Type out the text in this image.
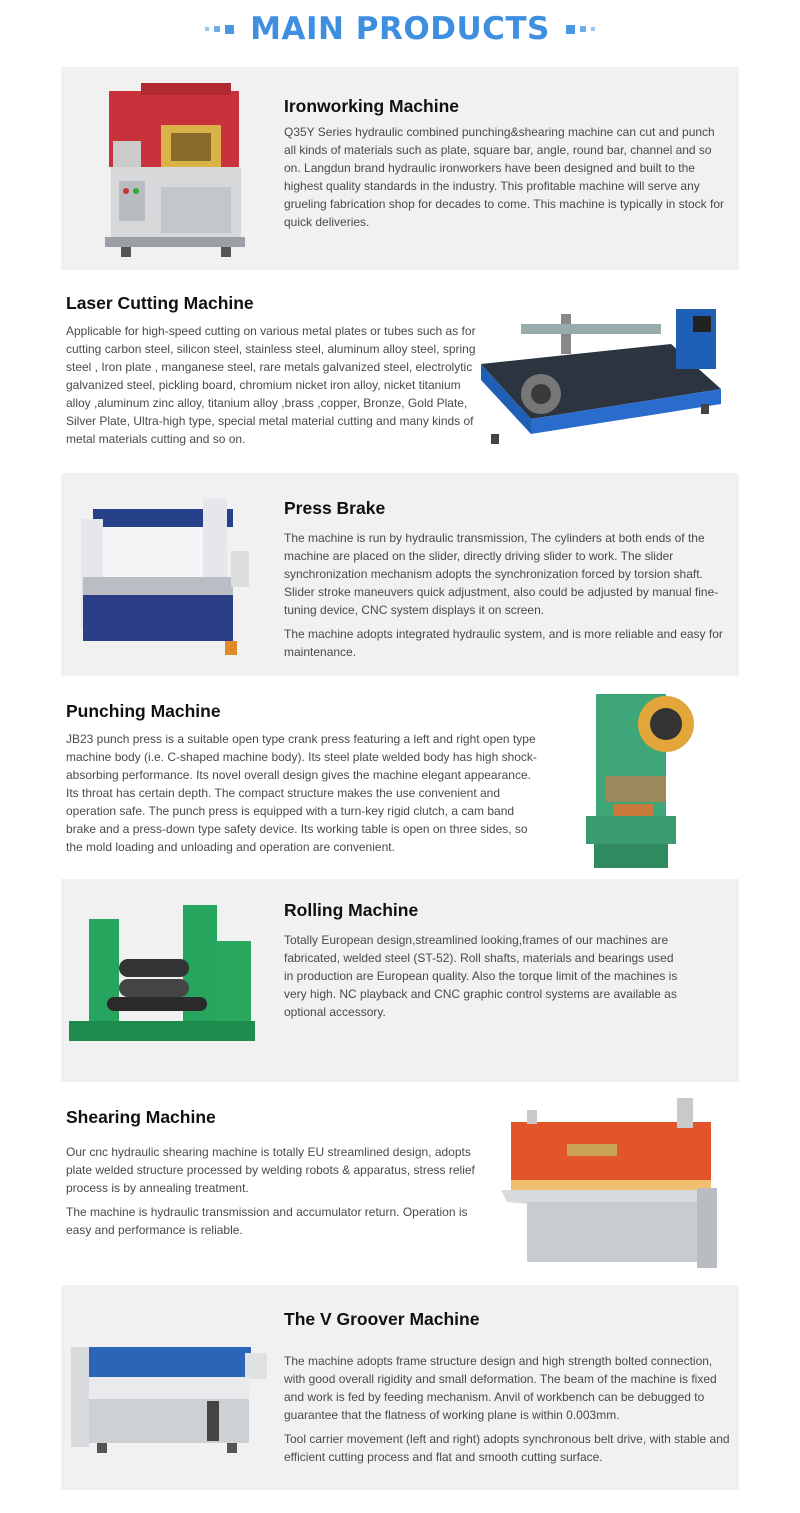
MAIN PRODUCTS
Ironworking Machine

Q35Y Series hydraulic combined punching&shearing machine can cut and punch all kinds of materials such as plate, square bar, angle, round bar, channel and so on. Langdun brand hydraulic ironworkers have been designed and built to the highest quality standards in the industry. This profitable machine will serve any grueling fabrication shop for decades to come. This machine is typically in stock for quick deliveries.

Laser Cutting Machine

Applicable for high-speed cutting on various metal plates or tubes such as for cutting carbon steel, silicon steel, stainless steel, aluminum alloy steel, spring steel , Iron plate , manganese steel, rare metals galvanized steel, electrolytic galvanized steel, pickling board, chromium nicket iron alloy, nicket titanium alloy ,aluminum zinc alloy, titanium alloy ,brass ,copper, Bronze, Gold Plate, Silver Plate, Ultra-high type, special metal material cutting and many kinds of metal materials cutting and so on.

Press Brake

The machine is run by hydraulic transmission, The cylinders at both ends of the machine are placed on the slider, directly driving slider to work. The slider synchronization mechanism adopts the synchronization forced by torsion shaft. Slider stroke maneuvers quick adjustment, also could be adjusted by manual fine-tuning device, CNC system displays it on screen.

The machine adopts integrated hydraulic system, and is more reliable and easy for maintenance.

Punching Machine

JB23 punch press is a suitable open type crank press featuring a left and right open type machine body (i.e. C-shaped machine body). Its steel plate welded body has high shock-absorbing performance. Its novel overall design gives the machine elegant appearance. Its throat has certain depth. The compact structure makes the use convenient and operation safe. The punch press is equipped with a turn-key rigid clutch, a cam band brake and a press-down type safety device. Its working table is open on three sides, so the mold loading and unloading and operation are convenient.

Rolling Machine

Totally European design,streamlined looking,frames of our machines are fabricated, welded steel (ST-52). Roll shafts, materials and bearings used in production are European quality. Also the torque limit of the machines is very high. NC playback and CNC graphic control systems are available as optional accessory.

Shearing Machine

Our cnc hydraulic shearing machine is totally EU streamlined design, adopts plate welded structure processed by welding robots & apparatus, stress relief process is by annealing treatment.

The machine is hydraulic transmission and accumulator return. Operation is easy and performance is reliable.

The V Groover Machine

The machine adopts frame structure design and high strength bolted connection, with good overall rigidity and small deformation. The beam of the machine is fixed and work is fed by feeding mechanism. Anvil of workbench can be debugged to guarantee that the flatness of working plane is within 0.003mm.

Tool carrier movement (left and right) adopts synchronous belt drive, with stable and efficient cutting process and flat and smooth cutting surface.
